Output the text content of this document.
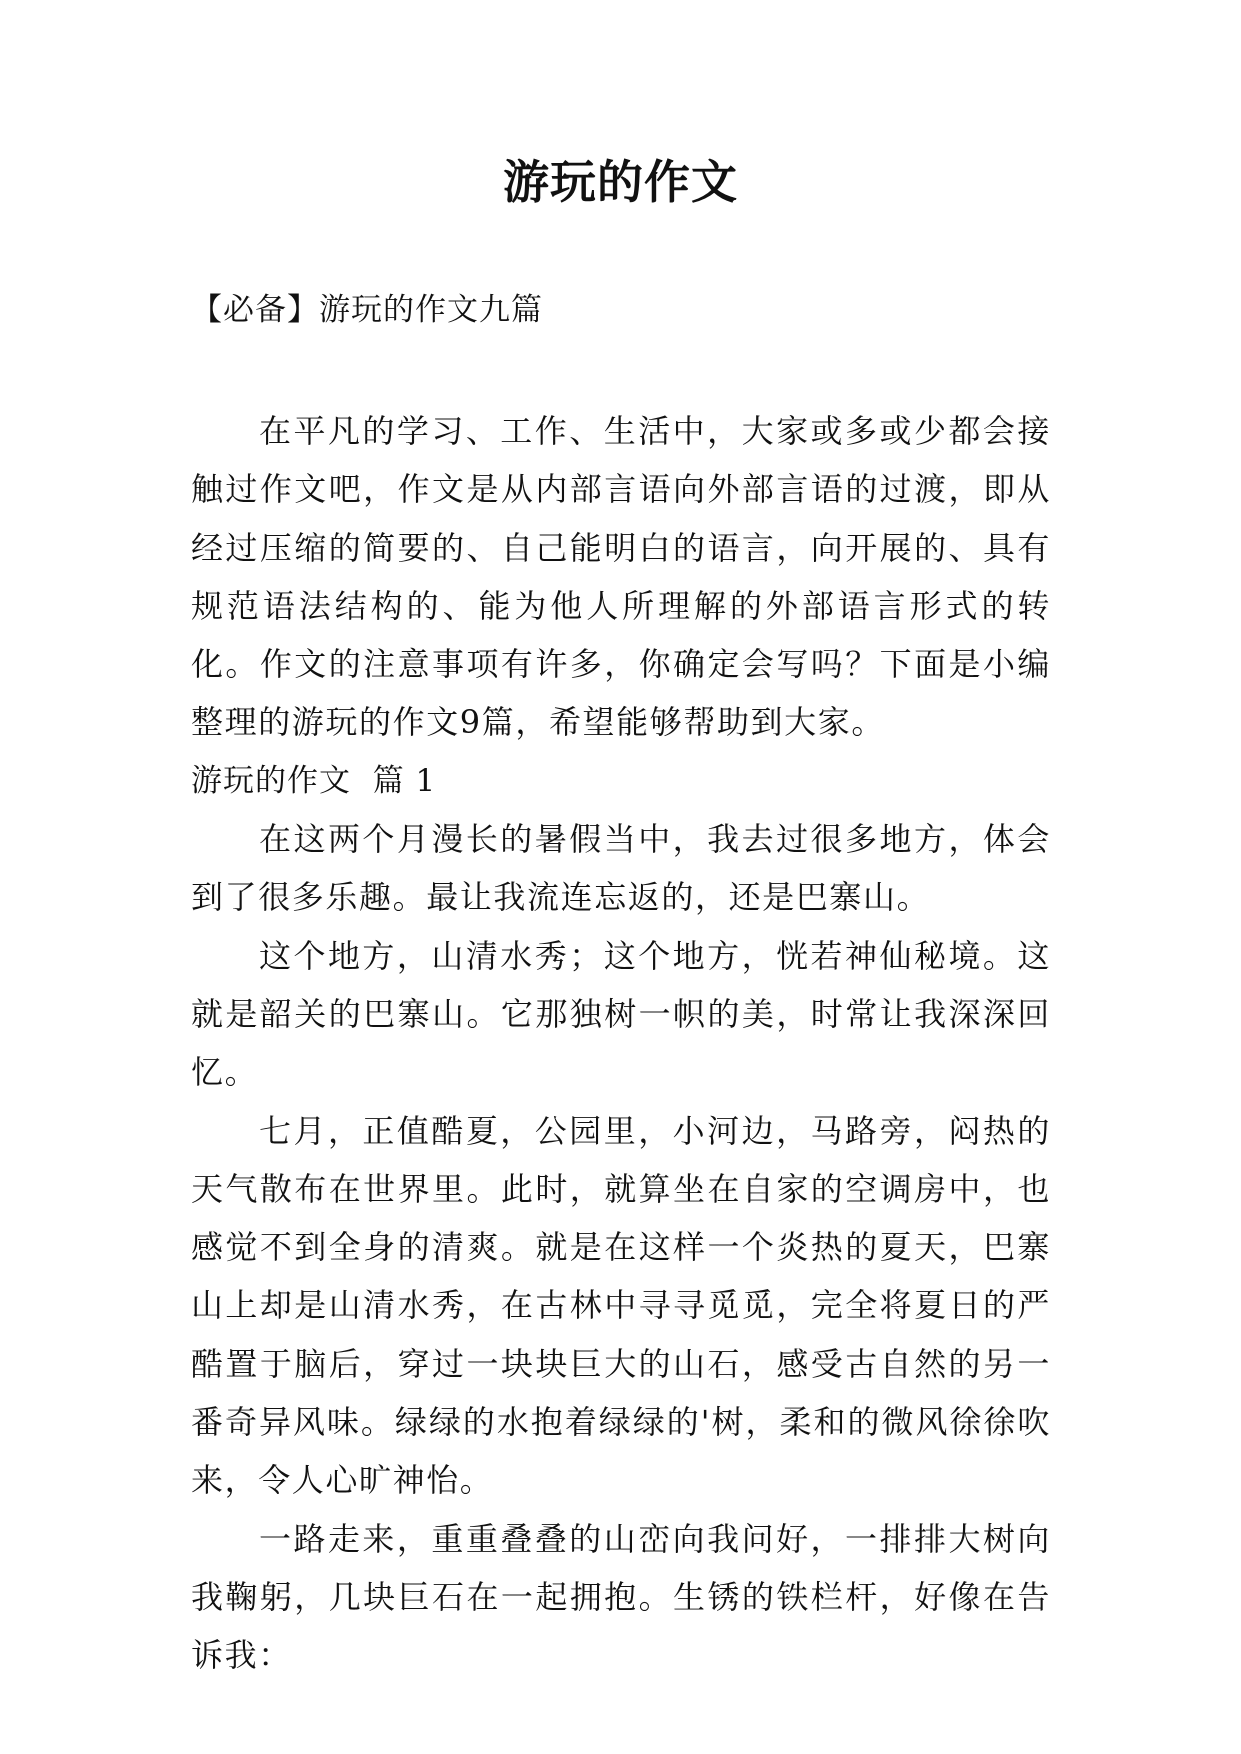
游玩的作文

【必备】游玩的作文九篇

在平凡的学习、工作、生活中，大家或多或少都会接触过作文吧，作文是从内部言语向外部言语的过渡，即从经过压缩的简要的、自己能明白的语言，向开展的、具有规范语法结构的、能为他人所理解的外部语言形式的转化。作文的注意事项有许多，你确定会写吗？下面是小编整理的游玩的作文9篇，希望能够帮助到大家。

游玩的作文  篇 1

在这两个月漫长的暑假当中，我去过很多地方，体会到了很多乐趣。最让我流连忘返的，还是巴寨山。

这个地方，山清水秀；这个地方，恍若神仙秘境。这就是韶关的巴寨山。它那独树一帜的美，时常让我深深回忆。

七月，正值酷夏，公园里，小河边，马路旁，闷热的天气散布在世界里。此时，就算坐在自家的空调房中，也感觉不到全身的清爽。就是在这样一个炎热的夏天，巴寨山上却是山清水秀，在古林中寻寻觅觅，完全将夏日的严酷置于脑后，穿过一块块巨大的山石，感受古自然的另一番奇异风味。绿绿的水抱着绿绿的'树，柔和的微风徐徐吹来，令人心旷神怡。

一路走来，重重叠叠的山峦向我问好，一排排大树向我鞠躬，几块巨石在一起拥抱。生锈的铁栏杆，好像在告诉我：
